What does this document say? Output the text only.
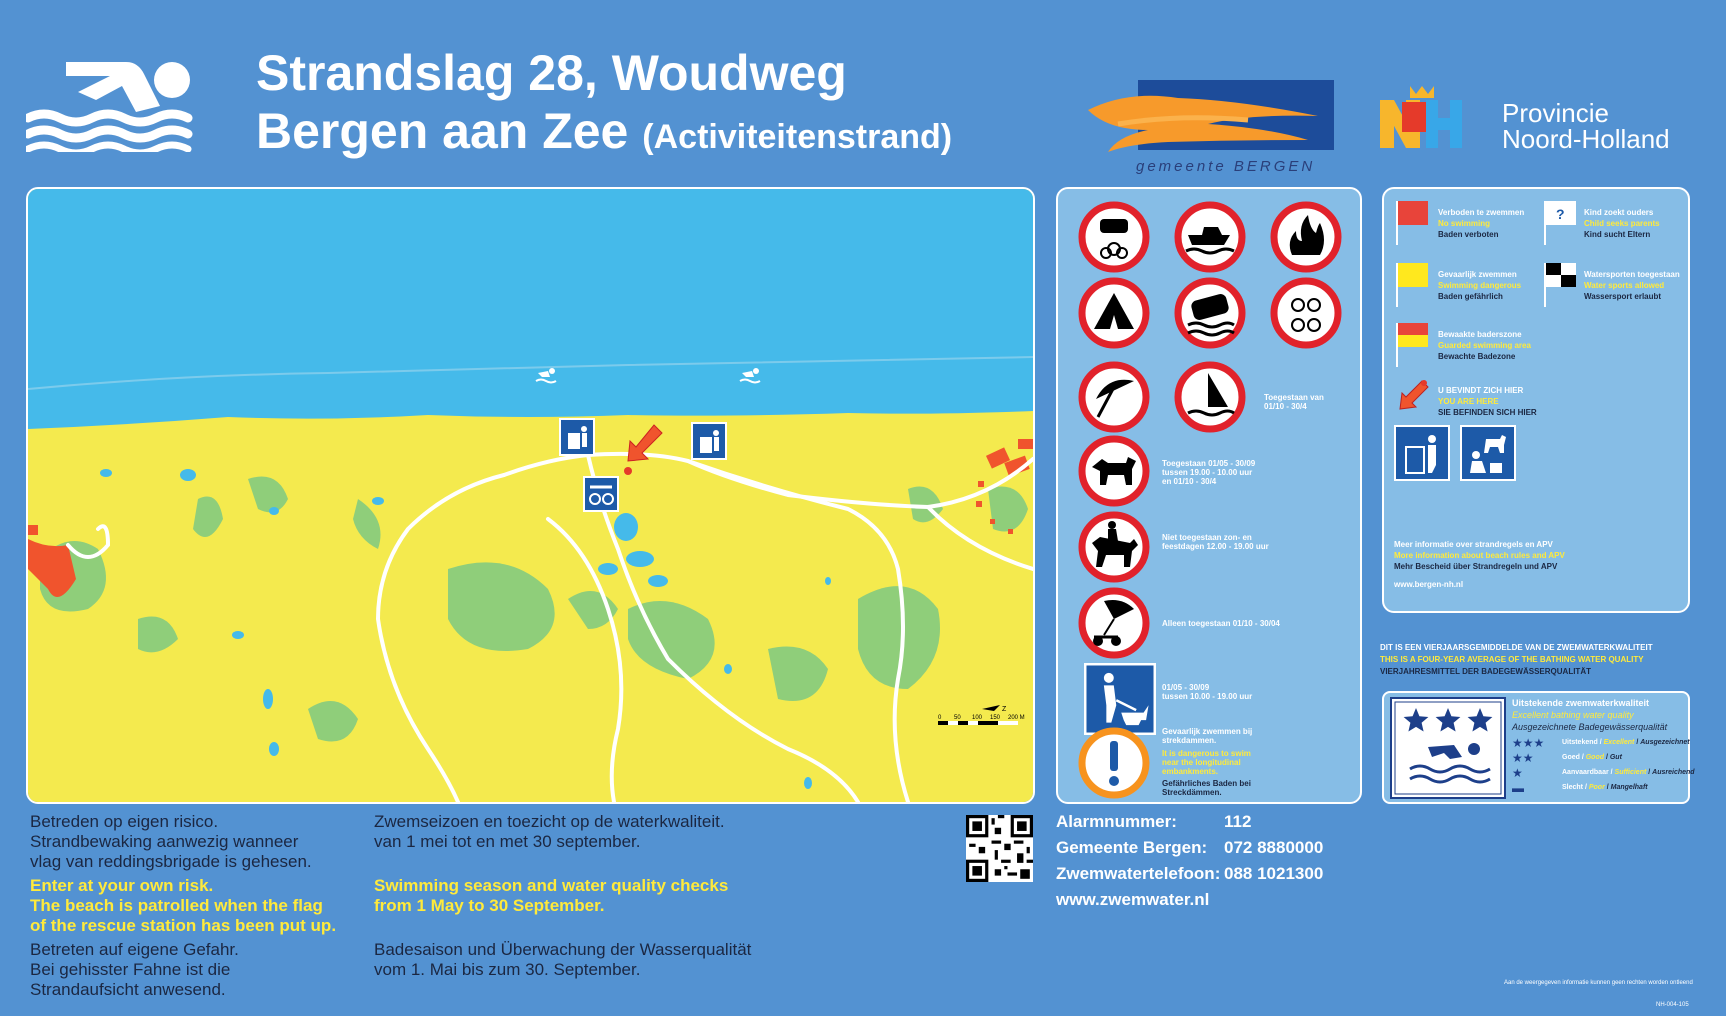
Strandslag 28, Woudweg
Bergen aan Zee (Activiteitenstrand)
gemeente BERGEN
Provincie
Noord-Holland
Z
0 50 100 150 200 M
Toegestaan van
01/10 - 30/4
Toegestaan 01/05 - 30/09
tussen 19.00 - 10.00 uur
en 01/10 - 30/4
Niet toegestaan zon- en
feestdagen 12.00 - 19.00 uur
Alleen toegestaan 01/10 - 30/04
01/05 - 30/09
tussen 10.00 - 19.00 uur
Gevaarlijk zwemmen bij
strekdammen.
It is dangerous to swim
near the longitudinal
embankments.
Gefährliches Baden bei
Streckdämmen.
Verboden te zwemmen
No swimming
Baden verboten
? Kind zoekt ouders
Child seeks parents
Kind sucht Eltern
Gevaarlijk zwemmen
Swimming dangerous
Baden gefährlich
Watersporten toegestaan
Water sports allowed
Wassersport erlaubt
Bewaakte baderszone
Guarded swimming area
Bewachte Badezone
U BEVINDT ZICH HIER
YOU ARE HERE
SIE BEFINDEN SICH HIER
Meer informatie over strandregels en APV
More information about beach rules and APV
Mehr Bescheid über Strandregeln und APV
www.bergen-nh.nl
DIT IS EEN VIERJAARSGEMIDDELDE VAN DE ZWEMWATERKWALITEIT
THIS IS A FOUR-YEAR AVERAGE OF THE BATHING WATER QUALITY
VIERJAHRESMITTEL DER BADEGEWÄSSERQUALITÄT
Uitstekende zwemwaterkwaliteit
Excellent bathing water quality
Ausgezeichnete Badegewässerqualität
★★★	Uitstekend / Excellent / Ausgezeichnet
★★	Goed / Good / Gut
★	Aanvaardbaar / Sufficient / Ausreichend
▬	Slecht / Poor / Mangelhaft
Betreden op eigen risico.
Strandbewaking aanwezig wanneer
vlag van reddingsbrigade is gehesen.
Enter at your own risk.
The beach is patrolled when the flag
of the rescue station has been put up.
Betreten auf eigene Gefahr.
Bei gehisster Fahne ist die
Strandaufsicht anwesend.
Zwemseizoen en toezicht op de waterkwaliteit.
van 1 mei tot en met 30 september.
Swimming season and water quality checks
from 1 May to 30 September.
Badesaison und Überwachung der Wasserqualität
vom 1. Mai bis zum 30. September.
Alarmnummer:	112
Gemeente Bergen: 072 8880000
Zwemwatertelefoon: 088 1021300
www.zwemwater.nl
Aan de weergegeven informatie kunnen geen rechten worden ontleend
NH-004-105
